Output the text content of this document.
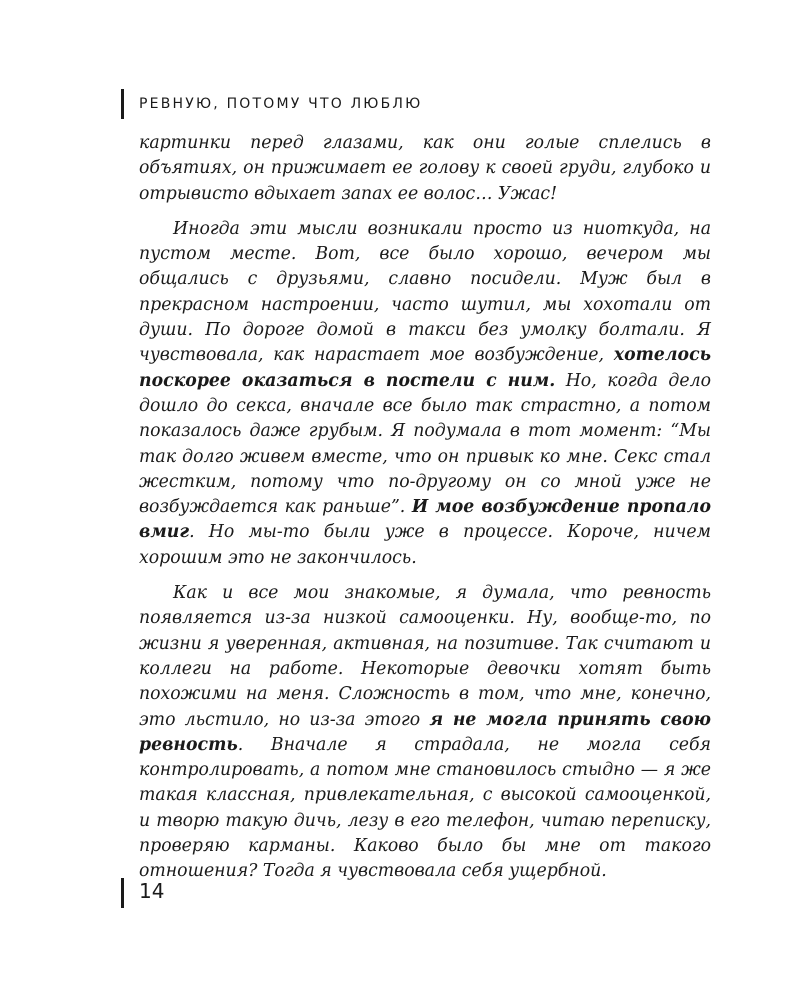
РЕВНУЮ, ПОТОМУ ЧТО ЛЮБЛЮ

картинки перед глазами, как они голые сплелись в объятиях, он прижимает ее голову к своей груди, глубоко и отрывисто вдыхает запах ее волос… Ужас!

Иногда эти мысли возникали просто из ниоткуда, на пустом месте. Вот, все было хорошо, вечером мы общались с друзьями, славно посидели. Муж был в прекрасном настроении, часто шутил, мы хохотали от души. По дороге домой в такси без умолку болтали. Я чувствовала, как нарастает мое возбуждение, хотелось поскорее оказаться в постели с ним. Но, когда дело дошло до секса, вначале все было так страстно, а потом показалось даже грубым. Я подумала в тот момент: “Мы так долго живем вместе, что он привык ко мне. Секс стал жестким, потому что по-другому он со мной уже не возбуждается как раньше”. И мое возбуждение пропало вмиг. Но мы-то были уже в процессе. Короче, ничем хорошим это не закончилось.

Как и все мои знакомые, я думала, что ревность появляется из-за низкой самооценки. Ну, вообще-то, по жизни я уверенная, активная, на позитиве. Так считают и коллеги на работе. Некоторые девочки хотят быть похожими на меня. Сложность в том, что мне, конечно, это льстило, но из-за этого я не могла принять свою ревность. Вначале я страдала, не могла себя контролировать, а потом мне становилось стыдно — я же такая классная, привлекательная, с высокой самооценкой, и творю такую дичь, лезу в его телефон, читаю переписку, проверяю карманы. Каково было бы мне от такого отношения? Тогда я чувствовала себя ущербной.

14
